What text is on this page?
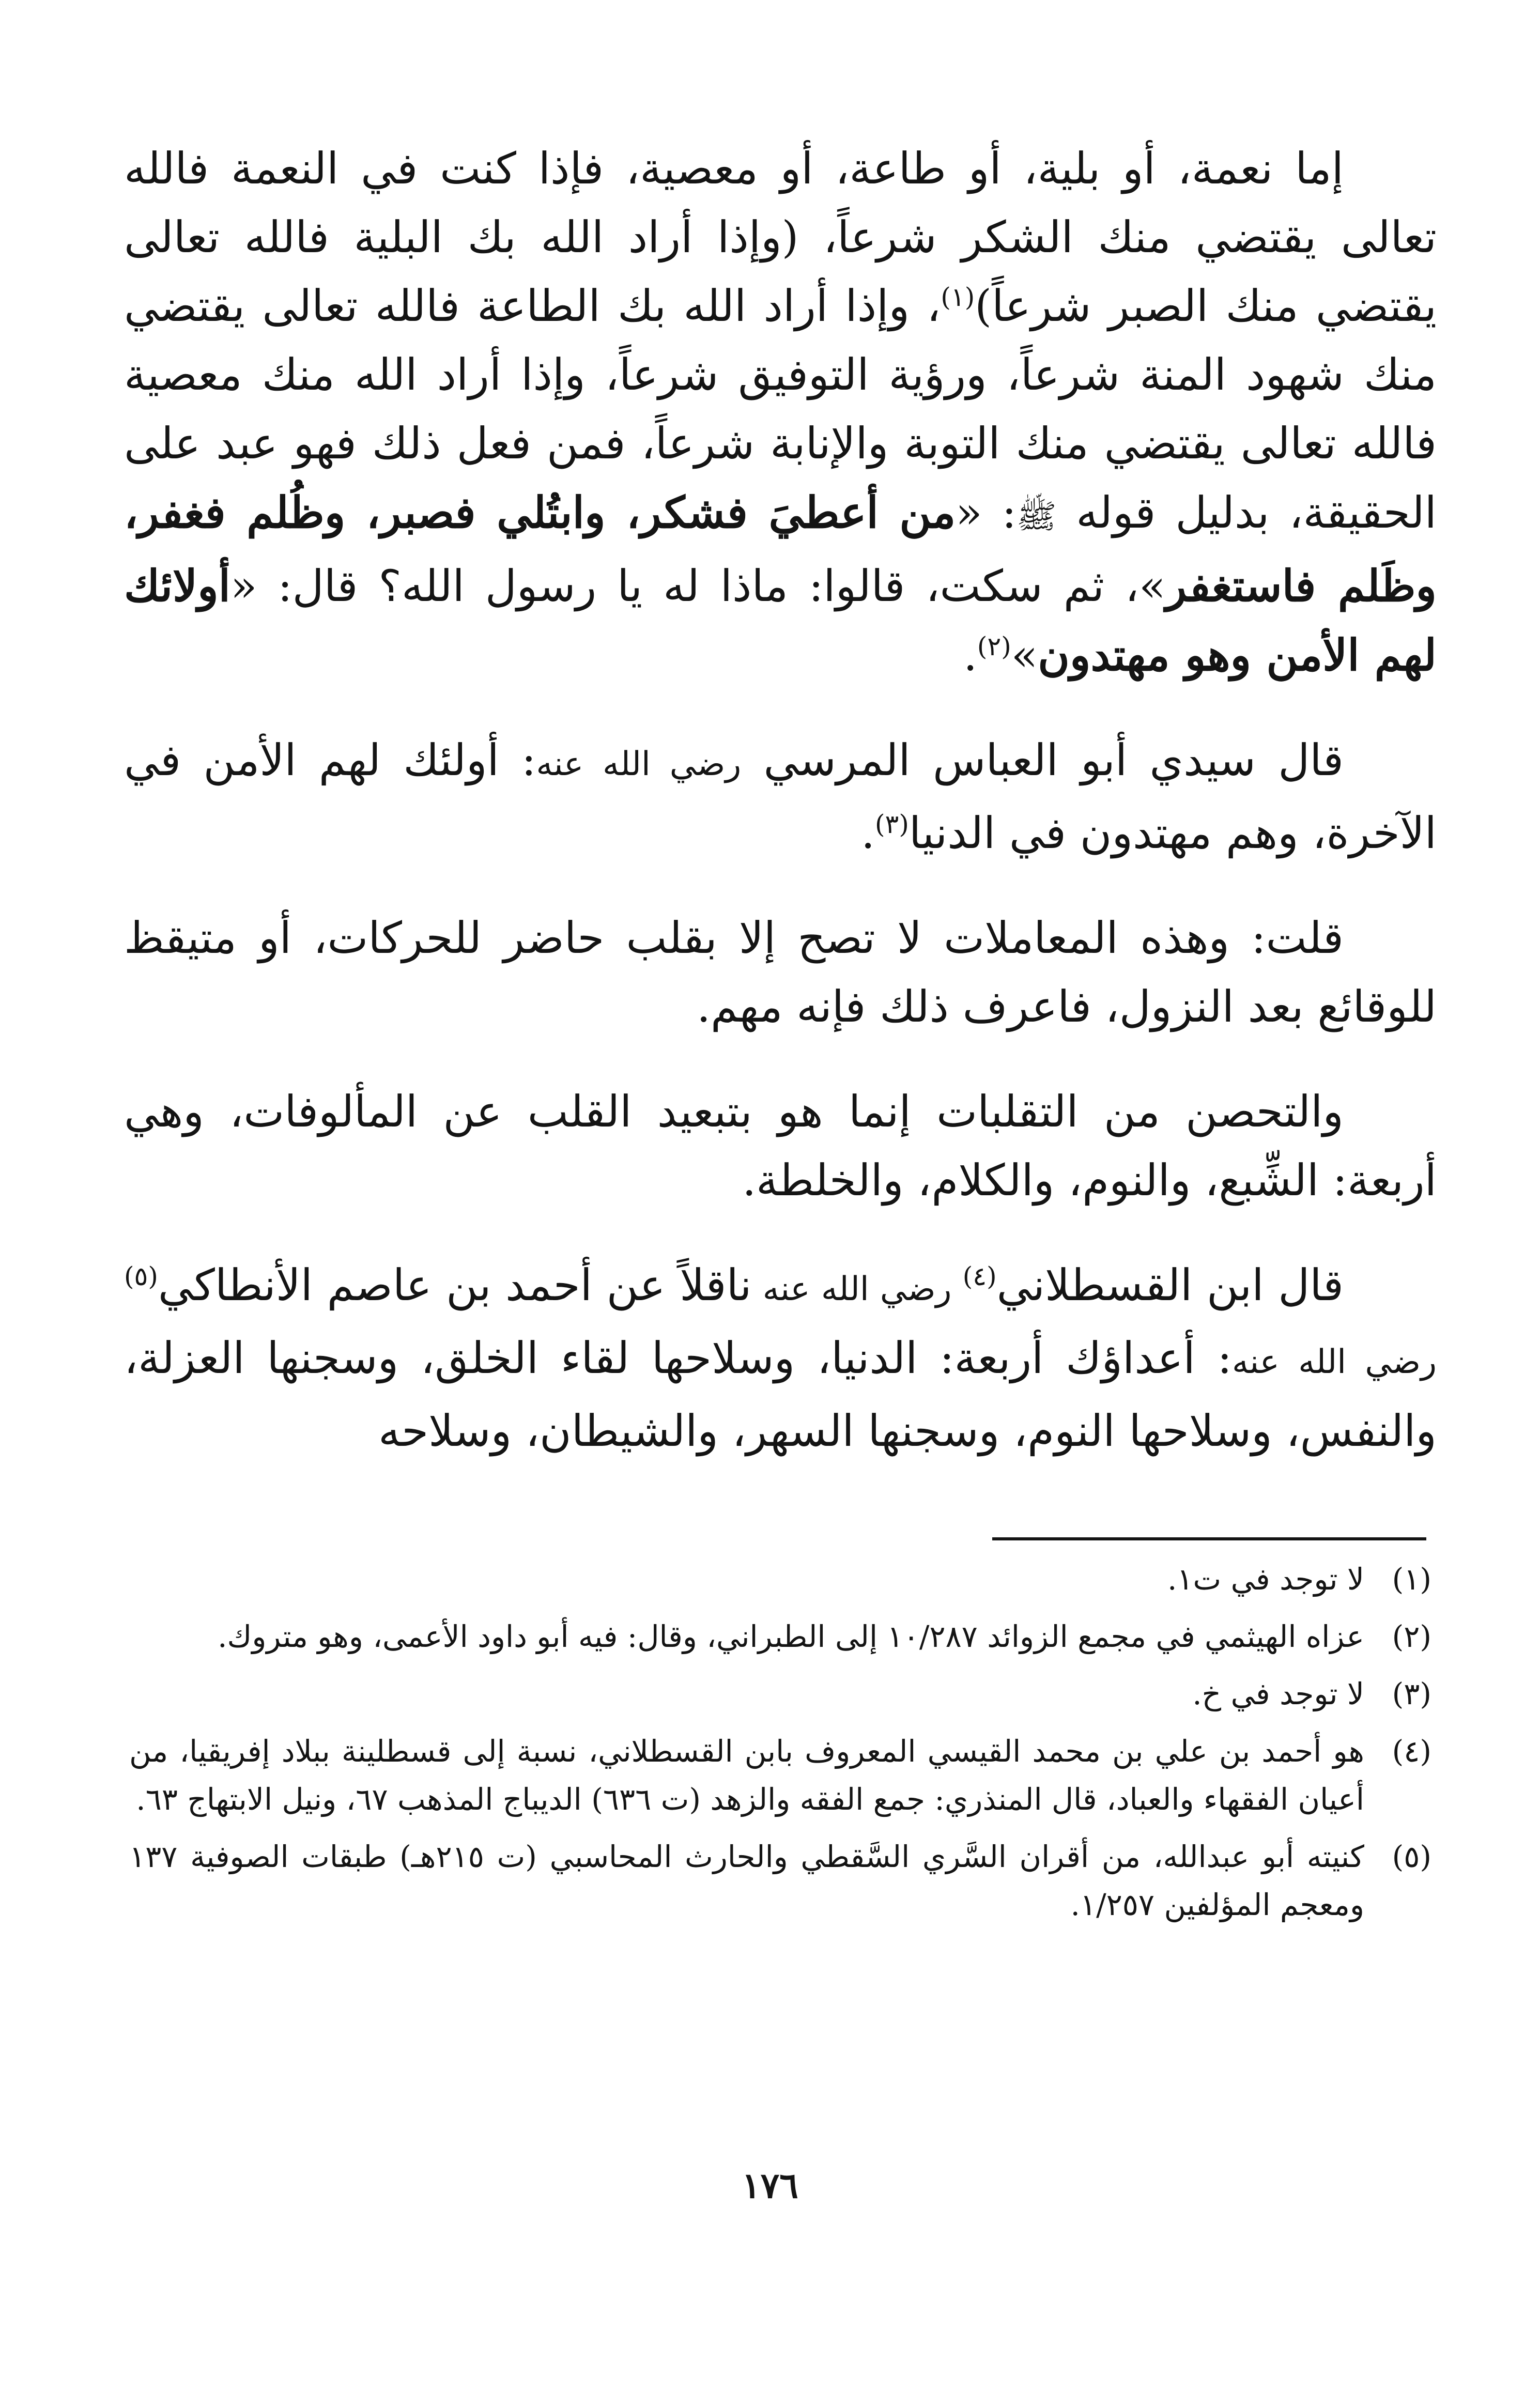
إما نعمة، أو بلية، أو طاعة، أو معصية، فإذا كنت في النعمة فالله تعالى يقتضي منك الشكر شرعاً، (وإذا أراد الله بك البلية فالله تعالى يقتضي منك الصبر شرعاً)$^{(١)}$، وإذا أراد الله بك الطاعة فالله تعالى يقتضي منك شهود المنة شرعاً، ورؤية التوفيق شرعاً، وإذا أراد الله منك معصية فالله تعالى يقتضي منك التوبة والإنابة شرعاً، فمن فعل ذلك فهو عبد على الحقيقة، بدليل قوله ﷺ: «من أعطيَ فشكر، وابتُلي فصبر، وظُلم فغفر، وظَلم فاستغفر»، ثم سكت، قالوا: ماذا له يا رسول الله؟ قال: «أولائك لهم الأمن وهو مهتدون»$^{(٢)}$.

قال سيدي أبو العباس المرسي رضي الله عنه: أولئك لهم الأمن في الآخرة، وهم مهتدون في الدنيا$^{(٣)}$.

قلت: وهذه المعاملات لا تصح إلا بقلب حاضر للحركات، أو متيقظ للوقائع بعد النزول، فاعرف ذلك فإنه مهم.

والتحصن من التقلبات إنما هو بتبعيد القلب عن المألوفات، وهي أربعة: الشِّبع، والنوم، والكلام، والخلطة.

قال ابن القسطلاني$^{(٤)}$ رضي الله عنه ناقلاً عن أحمد بن عاصم الأنطاكي$^{(٥)}$ رضي الله عنه: أعداؤك أربعة: الدنيا، وسلاحها لقاء الخلق، وسجنها العزلة، والنفس، وسلاحها النوم، وسجنها السهر، والشيطان، وسلاحه

(١)
لا توجد في ت١.
(٢)
عزاه الهيثمي في مجمع الزوائد ١٠/٢٨٧ إلى الطبراني، وقال: فيه أبو داود الأعمى، وهو متروك.
(٣)
لا توجد في خ.
(٤)
هو أحمد بن علي بن محمد القيسي المعروف بابن القسطلاني، نسبة إلى قسطلينة ببلاد إفريقيا، من أعيان الفقهاء والعباد، قال المنذري: جمع الفقه والزهد (ت ٦٣٦) الديباج المذهب ٦٧، ونيل الابتهاج ٦٣.
(٥)
كنيته أبو عبدالله، من أقران السَّري السَّقطي والحارث المحاسبي (ت ٢١٥هـ) طبقات الصوفية ١٣٧ ومعجم المؤلفين ١/٢٥٧.
١٧٦
